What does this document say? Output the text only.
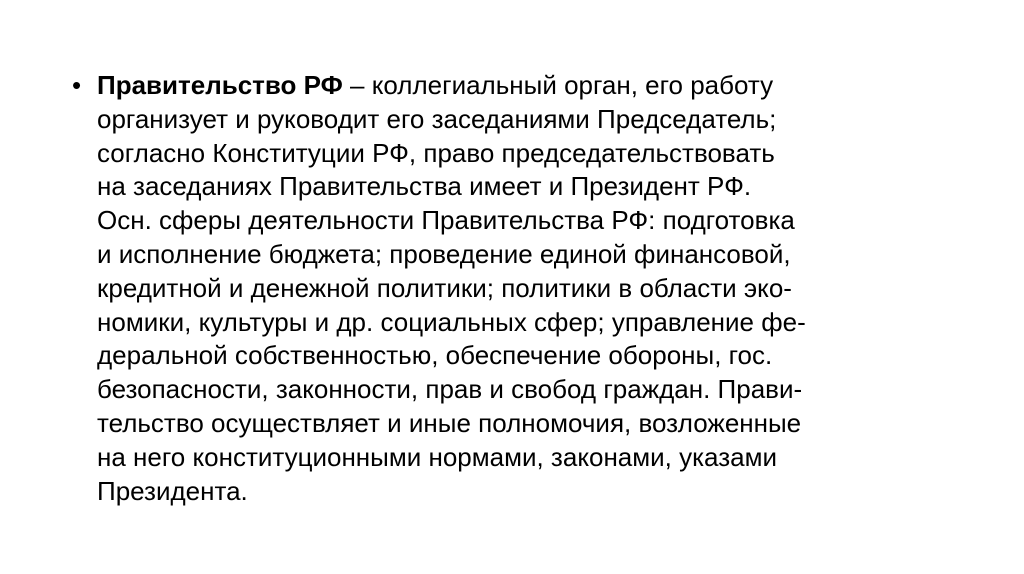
• Правительство РФ – коллегиальный орган, его работу
организует и руководит его заседаниями Председатель;
согласно Конституции РФ, право председательствовать
на заседаниях Правительства имеет и Президент РФ.
Осн. сферы деятельности Правительства РФ: подготовка
и исполнение бюджета; проведение единой финансовой,
кредитной и денежной политики; политики в области эко-
номики, культуры и др. социальных сфер; управление фе-
деральной собственностью, обеспечение обороны, гос.
безопасности, законности, прав и свобод граждан. Прави-
тельство осуществляет и иные полномочия, возложенные
на него конституционными нормами, законами, указами
Президента.
